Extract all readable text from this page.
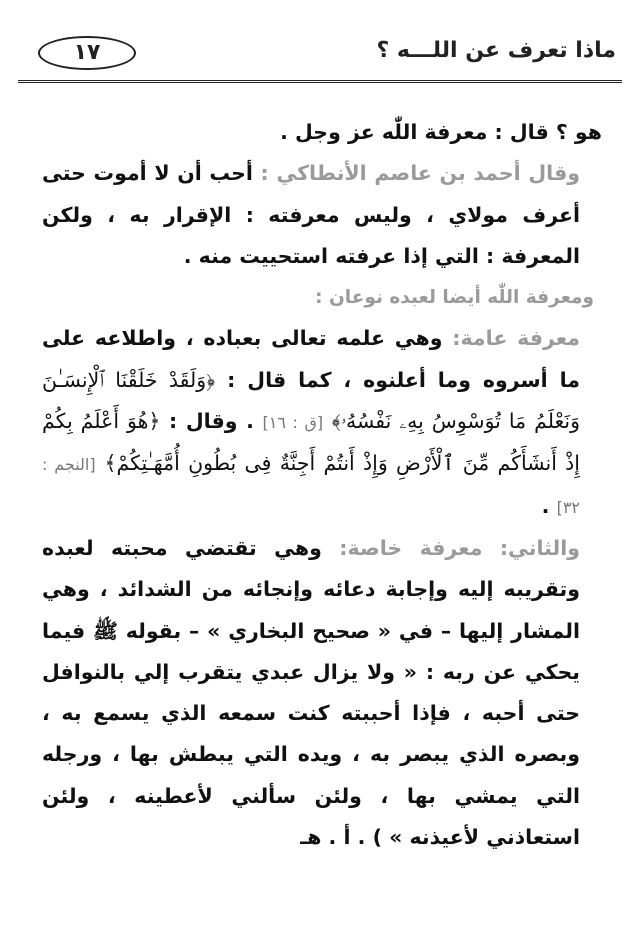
ماذا تعرف عن اللـــه ؟
١٧

هو ؟ قال : معرفة اللّٰه عز وجل .

وقال أحمد بن عاصم الأنطاكي : أحب أن لا أموت حتى أعرف مولاي ، وليس معرفته : الإقرار به ، ولكن المعرفة : التي إذا عرفته استحييت منه .

ومعرفة اللّٰه أيضا لعبده نوعان :

معرفة عامة: وهي علمه تعالى بعباده ، واطلاعه على ما أسروه وما أعلنوه ، كما قال : ﴿وَلَقَدْ خَلَقْنَا ٱلْإِنسَـٰنَ وَنَعْلَمُ مَا تُوَسْوِسُ بِهِۦ نَفْسُهُۥ﴾ [ق : ١٦] . وقال : ﴿هُوَ أَعْلَمُ بِكُمْ إِذْ أَنشَأَكُم مِّنَ ٱلْأَرْضِ وَإِذْ أَنتُمْ أَجِنَّةٌ فِى بُطُونِ أُمَّهَـٰتِكُمْ﴾ [النجم : ٣٢] .

والثاني: معرفة خاصة: وهي تقتضي محبته لعبده وتقريبه إليه وإجابة دعائه وإنجائه من الشدائد ، وهي المشار إليها – في « صحيح البخاري » – بقوله ﷺ فيما يحكي عن ربه : « ولا يزال عبدي يتقرب إلي بالنوافل حتى أحبه ، فإذا أحببته كنت سمعه الذي يسمع به ، وبصره الذي يبصر به ، ويده التي يبطش بها ، ورجله التي يمشي بها ، ولئن سألني لأعطينه ، ولئن استعاذني لأعيذنه » ) . أ . هـ
